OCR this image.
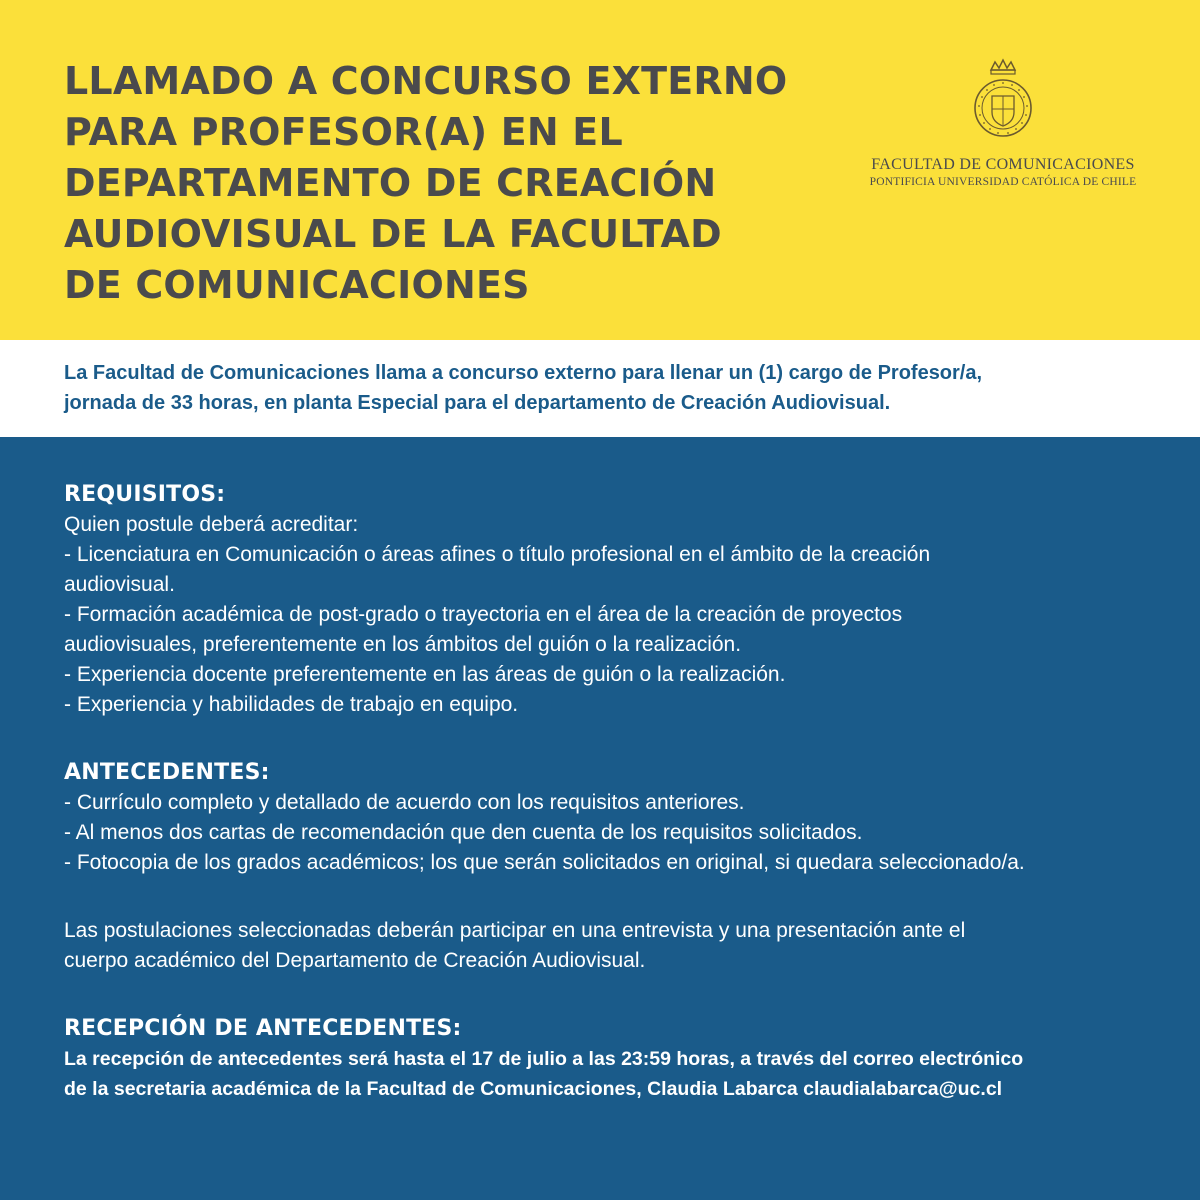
LLAMADO A CONCURSO EXTERNO
PARA PROFESOR(A) EN EL
DEPARTAMENTO DE CREACIÓN
AUDIOVISUAL DE LA FACULTAD
DE COMUNICACIONES
FACULTAD DE COMUNICACIONES
PONTIFICIA UNIVERSIDAD CATÓLICA DE CHILE

La Facultad de Comunicaciones llama a concurso externo para llenar un (1) cargo de Profesor/a,
jornada de 33 horas, en planta Especial para el departamento de Creación Audiovisual.

REQUISITOS:
Quien postule deberá acreditar:
- Licenciatura en Comunicación o áreas afines o título profesional en el ámbito de la creación
audiovisual.
- Formación académica de post-grado o trayectoria en el área de la creación de proyectos
audiovisuales, preferentemente en los ámbitos del guión o la realización.
- Experiencia docente preferentemente en las áreas de guión o la realización.
- Experiencia y habilidades de trabajo en equipo.
ANTECEDENTES:
- Currículo completo y detallado de acuerdo con los requisitos anteriores.
- Al menos dos cartas de recomendación que den cuenta de los requisitos solicitados.
- Fotocopia de los grados académicos; los que serán solicitados en original, si quedara seleccionado/a.

Las postulaciones seleccionadas deberán participar en una entrevista y una presentación ante el
cuerpo académico del Departamento de Creación Audiovisual.

RECEPCIÓN DE ANTECEDENTES:

La recepción de antecedentes será hasta el 17 de julio a las 23:59 horas, a través del correo electrónico
de la secretaria académica de la Facultad de Comunicaciones, Claudia Labarca claudialabarca@uc.cl
